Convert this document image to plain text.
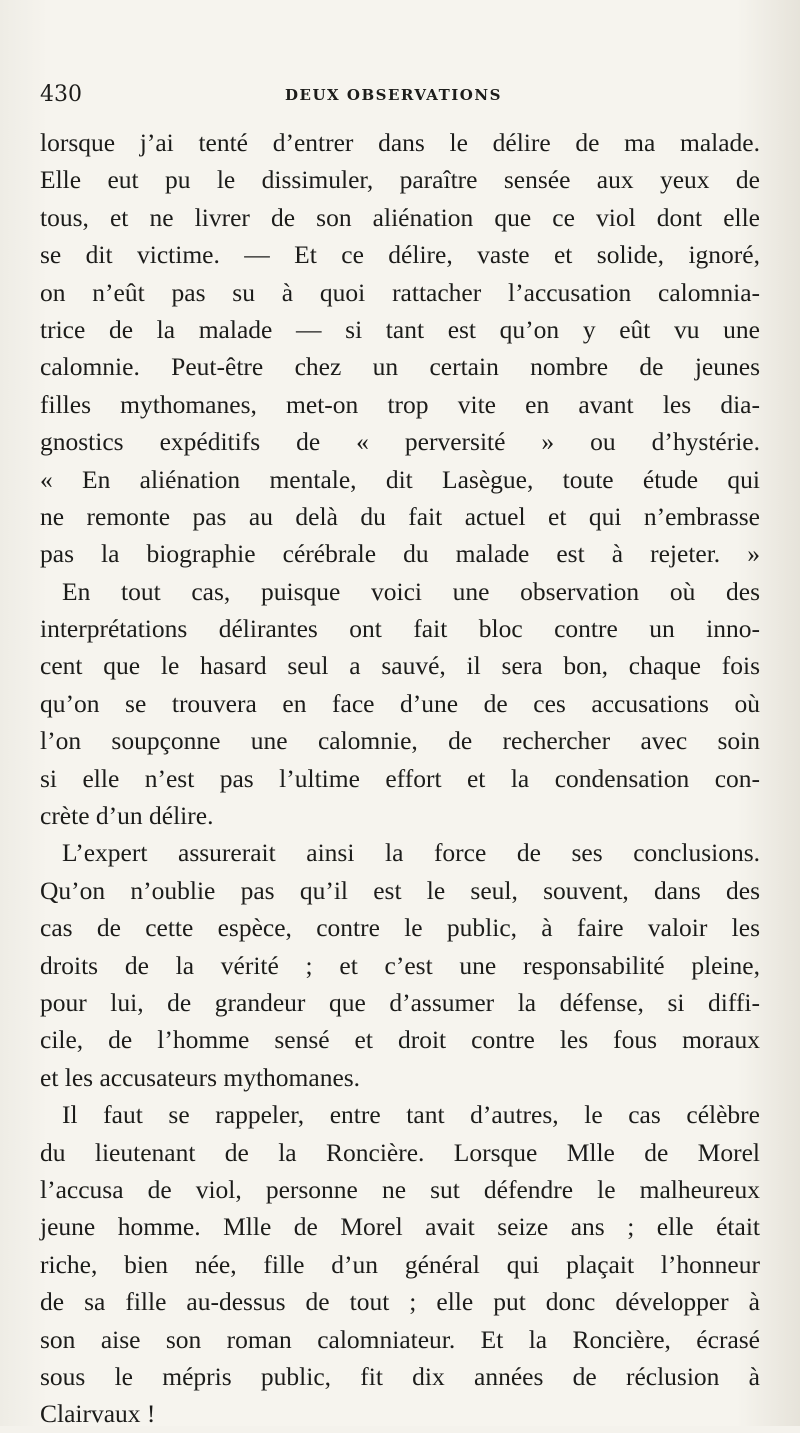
430	DEUX OBSERVATIONS
lorsque j’ai tenté d’entrer dans le délire de ma malade.
Elle eut pu le dissimuler, paraître sensée aux yeux de
tous, et ne livrer de son aliénation que ce viol dont elle
se dit victime. — Et ce délire, vaste et solide, ignoré,
on n’eût pas su à quoi rattacher l’accusation calomnia-
trice de la malade — si tant est qu’on y eût vu une
calomnie. Peut-être chez un certain nombre de jeunes
filles mythomanes, met-on trop vite en avant les dia-
gnostics expéditifs de « perversité » ou d’hystérie.
« En aliénation mentale, dit Lasègue, toute étude qui
ne remonte pas au delà du fait actuel et qui n’embrasse
pas la biographie cérébrale du malade est à rejeter. »
En tout cas, puisque voici une observation où des
interprétations délirantes ont fait bloc contre un inno-
cent que le hasard seul a sauvé, il sera bon, chaque fois
qu’on se trouvera en face d’une de ces accusations où
l’on soupçonne une calomnie, de rechercher avec soin
si elle n’est pas l’ultime effort et la condensation con-
crète d’un délire.
L’expert assurerait ainsi la force de ses conclusions.
Qu’on n’oublie pas qu’il est le seul, souvent, dans des
cas de cette espèce, contre le public, à faire valoir les
droits de la vérité ; et c’est une responsabilité pleine,
pour lui, de grandeur que d’assumer la défense, si diffi-
cile, de l’homme sensé et droit contre les fous moraux
et les accusateurs mythomanes.
Il faut se rappeler, entre tant d’autres, le cas célèbre
du lieutenant de la Roncière. Lorsque Mlle de Morel
l’accusa de viol, personne ne sut défendre le malheureux
jeune homme. Mlle de Morel avait seize ans ; elle était
riche, bien née, fille d’un général qui plaçait l’honneur
de sa fille au-dessus de tout ; elle put donc développer à
son aise son roman calomniateur. Et la Roncière, écrasé
sous le mépris public, fit dix années de réclusion à
Clairvaux !
